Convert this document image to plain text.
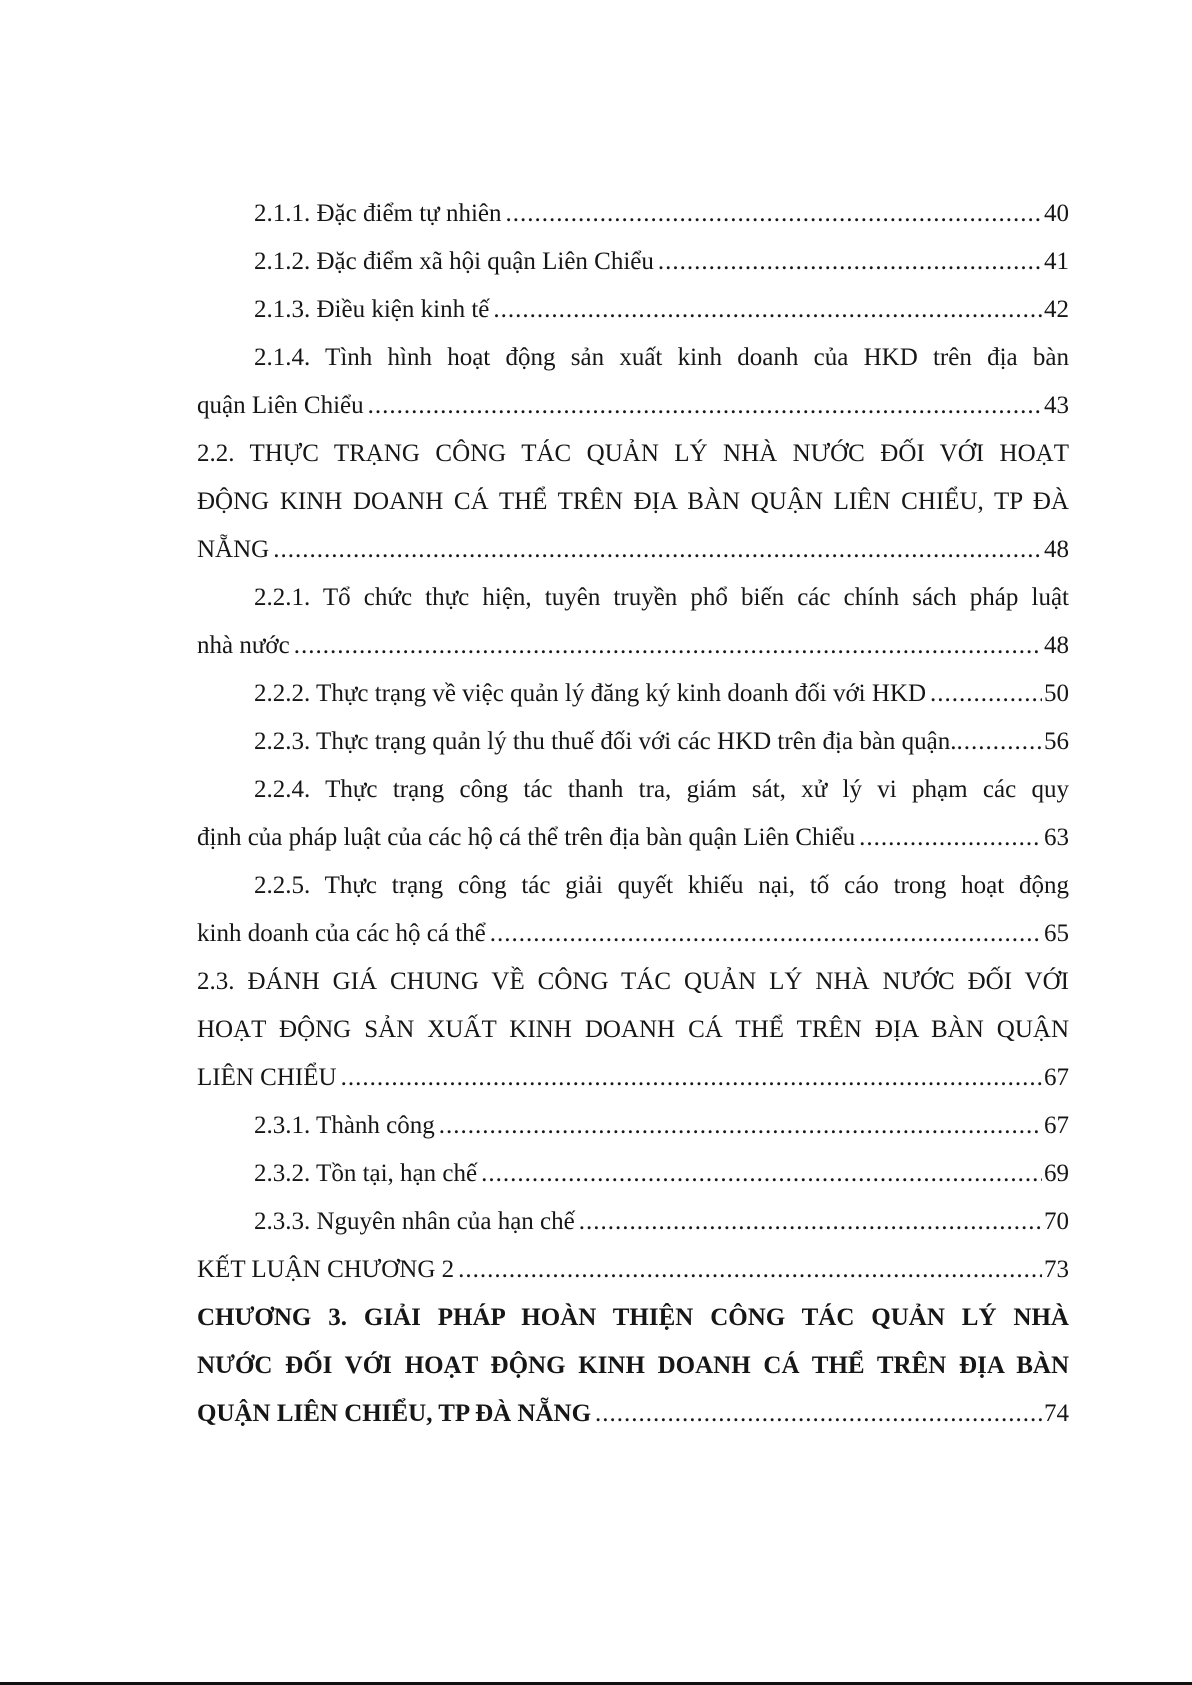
2.1.1. Đặc điểm tự nhiên .....	40
2.1.2. Đặc điểm xã hội quận Liên Chiểu .....	41
2.1.3. Điều kiện kinh tế .....	42
2.1.4. Tình hình hoạt động sản xuất kinh doanh của HKD trên địa bàn
quận Liên Chiểu .....	43
2.2. THỰC TRẠNG CÔNG TÁC QUẢN LÝ NHÀ NƯỚC ĐỐI VỚI HOẠT
ĐỘNG KINH DOANH CÁ THỂ TRÊN ĐỊA BÀN QUẬN LIÊN CHIỂU, TP ĐÀ
NẴNG .....	48
2.2.1. Tổ chức thực hiện, tuyên truyền phổ biến các chính sách pháp luật
nhà nước .....	48
2.2.2. Thực trạng về việc quản lý đăng ký kinh doanh đối với HKD .....	50
2.2.3. Thực trạng quản lý thu thuế đối với các HKD trên địa bàn quận. .....	56
2.2.4. Thực trạng công tác thanh tra, giám sát, xử lý vi phạm các quy
định của pháp luật của các hộ cá thể trên địa bàn quận Liên Chiểu .....	63
2.2.5. Thực trạng công tác giải quyết khiếu nại, tố cáo trong hoạt động
kinh doanh của các hộ cá thể .....	65
2.3. ĐÁNH GIÁ CHUNG VỀ CÔNG TÁC QUẢN LÝ NHÀ NƯỚC ĐỐI VỚI
HOẠT ĐỘNG SẢN XUẤT KINH DOANH CÁ THỂ TRÊN ĐỊA BÀN QUẬN
LIÊN CHIỂU .....	67
2.3.1. Thành công .....	67
2.3.2. Tồn tại, hạn chế .....	69
2.3.3. Nguyên nhân của hạn chế .....	70
KẾT LUẬN CHƯƠNG 2 .....	73
CHƯƠNG 3. GIẢI PHÁP HOÀN THIỆN CÔNG TÁC QUẢN LÝ NHÀ
NƯỚC ĐỐI VỚI HOẠT ĐỘNG KINH DOANH CÁ THỂ TRÊN ĐỊA BÀN
QUẬN LIÊN CHIỂU, TP ĐÀ NẴNG .....	74
